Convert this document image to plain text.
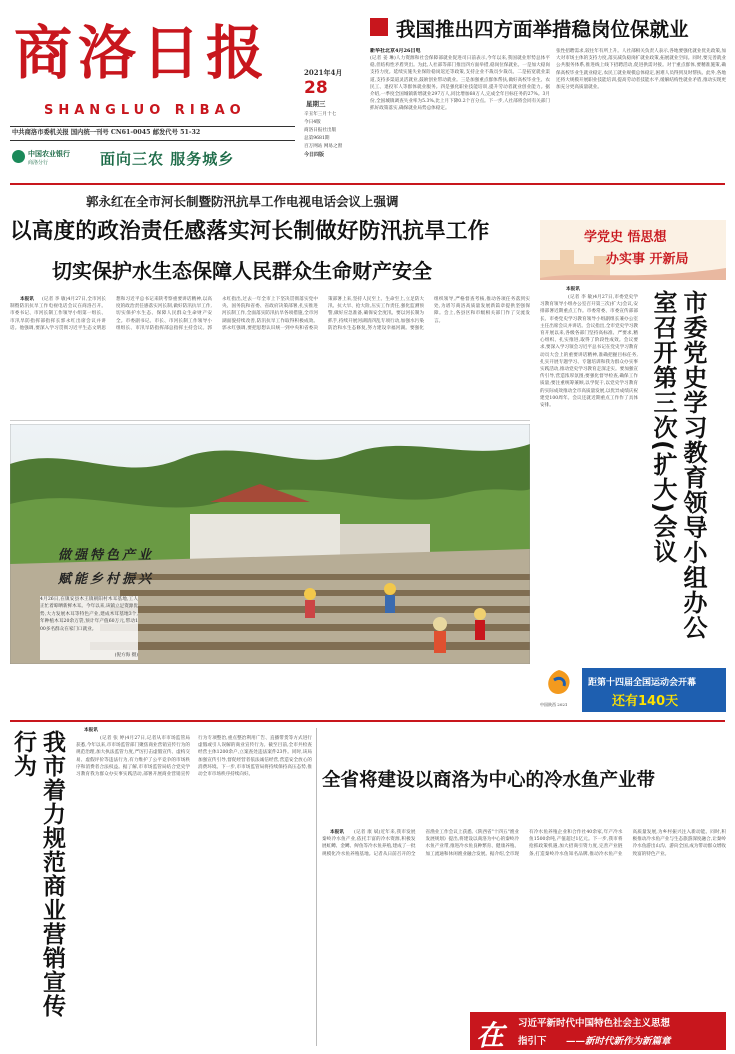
商洛日报
SHANGLUO RIBAO
2021年4月
28
星期三
辛丑年三月十七
今日4版
商洛日报社出版
总第9681期
百万网站 网易之窗
今日四版
中共商洛市委机关报 国内统一刊号 CN61-0045 邮发代号 51-32
中国农业银行
商洛分行	面向三农 服务城乡
我国推出四方面举措稳岗位保就业
新华社北京4月26日电
(记者 姜 琳)人力资源和社会保障部就业促进司日前表示,今年以来,我国就业形势总体平稳,但结构性矛盾突出。为此,人社部等部门推出四方面举措,稳岗位保就业。一是加大稳岗支持力度。延续实施失业保险稳岗返还等政策,支持企业不裁员少裁员。二是拓宽就业渠道,支持多渠道灵活就业,鼓励创业带动就业。三是加强重点群体帮扶,做好高校毕业生、农民工、退役军人等群体就业服务。四是强化职业技能培训,提升劳动者就业创业能力。据介绍,一季度全国城镇新增就业297万人,同比增加68万人,完成全年目标任务的27%。3月份,全国城镇调查失业率为5.3%,比上月下降0.2个百分点。下一步,人社部将会同有关部门抓好政策落实,确保就业局势总体稳定。
张性招聘需求,较往年有所上升。人社部相关负责人表示,各地要强化就业优先政策,加大对市场主体的支持力度,落实减负稳岗扩就业政策,拓展就业空间。同时,要完善就业公共服务体系,推进线上线下招聘活动,促进供需对接。对于重点群体,要精准施策,确保高校毕业生就业稳定,农民工就业规模总体稳定,困难人员得到及时帮扶。此外,各地还将大规模开展职业技能培训,提高劳动者技能水平,缓解结构性就业矛盾,推动实现更加充分更高质量就业。
郭永红在全市河长制暨防汛抗旱工作电视电话会议上强调
以高度的政治责任感落实河长制做好防汛抗旱工作
切实保护水生态保障人民群众生命财产安全
本报讯	(记者 李 敏)4月27日,全市河长制暨防汛抗旱工作电视电话会议在商洛召开。市委书记、市河长制工作领导小组第一组长、市汛旱防指挥部指挥长郭永红出席会议并讲话。他强调,要深入学习贯彻习近平生态文明思想和习近平总书记来陕考察重要讲话精神,以高度的政治责任感落实河长制,做好防汛抗旱工作,切实保护水生态、保障人民群众生命财产安全。市委副书记、市长、市河长制工作领导小组组长、市汛旱防指挥部总指挥主持会议。郭永红指出,过去一年全市上下坚决贯彻落实党中央、国务院和省委、省政府决策部署,扎实推进河长制工作,全面落实防汛抗旱各项措施,全市河湖面貌持续改善,防汛抗旱工作取得积极成效。郭永红强调,要把思想认识统一到中央和省委决策部署上来,坚持人民至上、生命至上,立足防大汛、抗大旱、抢大险,压实工作责任,强化监测预警,做好应急准备,确保安全度汛。要以河长制为抓手,持续开展河湖清四乱专项行动,加强水污染防治和水生态修复,努力建设幸福河湖。要强化组织领导,严格督查考核,推动各项任务落到实处,为谱写商洛高质量发展新篇章提供坚强保障。会上,各县区和市级相关部门作了交流发言。
做强特色产业
赋能乡村振兴
4月26日,在镇安县木王镇朝阳村木耳基地,工人正忙着晾晒新鲜木耳。今年以来,该镇立足资源优势,大力发展木耳等特色产业,建成木耳基地3个,年种植木耳20余万袋,预计年产值60万元,带动100多名群众在家门口就业。
(倪方海 摄)
学党史 悟思想
办实事 开新局
市委党史学习教育领导小组办公室召开第三次(扩大)会议
本报讯
(记者 李 敏)4月27日,市委党史学习教育领导小组办公室召开第三次(扩大)会议,安排部署近期重点工作。市委常委、市委宣传部部长、市委党史学习教育领导小组副组长兼办公室主任出席会议并讲话。会议指出,全市党史学习教育开展以来,各级各部门坚持高标准、严要求,精心组织、扎实推进,取得了阶段性成效。会议要求,要深入学习领会习近平总书记在党史学习教育动员大会上的重要讲话精神,准确把握目标任务,扎实开展专题学习、专题培训和我为群众办实事实践活动,推动党史学习教育走深走实。要加强宣传引导,营造浓厚氛围;要强化督导检查,确保工作质量;要注重统筹兼顾,以学促干,以党史学习教育的实际成效推动全市高质量发展,以优异成绩庆祝建党100周年。会议还就近期重点工作作了具体安排。
距第十四届全国运动会开幕
还有140天
中国陕西 2021
我市着力规范商业营销宣传行为	本报讯
(记者 张 婷)4月27日,记者从市市场监管局获悉,今年以来,市市场监管部门聚焦商业营销宣传行为的规范治理,加大执法监管力度,严厉打击虚假宣传、虚构交易、虚假评价等违法行为,有力维护了公平竞争的市场秩序和消费者合法权益。据了解,市市场监管局结合党史学习教育我为群众办实事实践活动,部署开展商业营销宣传行为专项整治,重点整治利用广告、直播带货等方式进行虚假或引人误解的商业宣传行为。截至目前,全市共检查经营主体1200余户,立案查处违法案件23件。同时,该局加强宣传引导,督促经营者依法诚信经营,营造安全放心的消费环境。下一步,市市场监管局将持续保持高压态势,推动全市市场秩序持续向好。	全省将建设以商洛为中心的冷水鱼产业带
本报讯	(记者 康 斌)近年来,我市发展秦岭冷水鱼产业,依托丰富的冷水资源,积极发展虹鳟、金鳟、鲟鱼等冷水鱼养殖,建成了一批规模化冷水鱼养殖基地。记者从日前召开的全省渔业工作会议上获悉,《陕西省"十四五"渔业发展规划》提出,将建设以商洛为中心的秦岭冷水鱼产业带,推进冷水鱼良种繁育、健康养殖、加工流通和休闲渔业融合发展。据介绍,全市现有冷水鱼养殖企业和合作社40余家,年产冷水鱼1500余吨,产值超过1亿元。下一步,我市将抢抓政策机遇,加大招商引资力度,完善产业链条,打造秦岭冷水鱼知名品牌,推动冷水鱼产业高质量发展,为乡村振兴注入新动能。同时,积极推动冷水鱼产业与生态旅游深度融合,让秦岭冷水鱼游出山沟、游向全国,成为带动群众增收致富的特色产业。
在 习近平新时代中国特色社会主义思想
指引下 ——新时代新作为新篇章
